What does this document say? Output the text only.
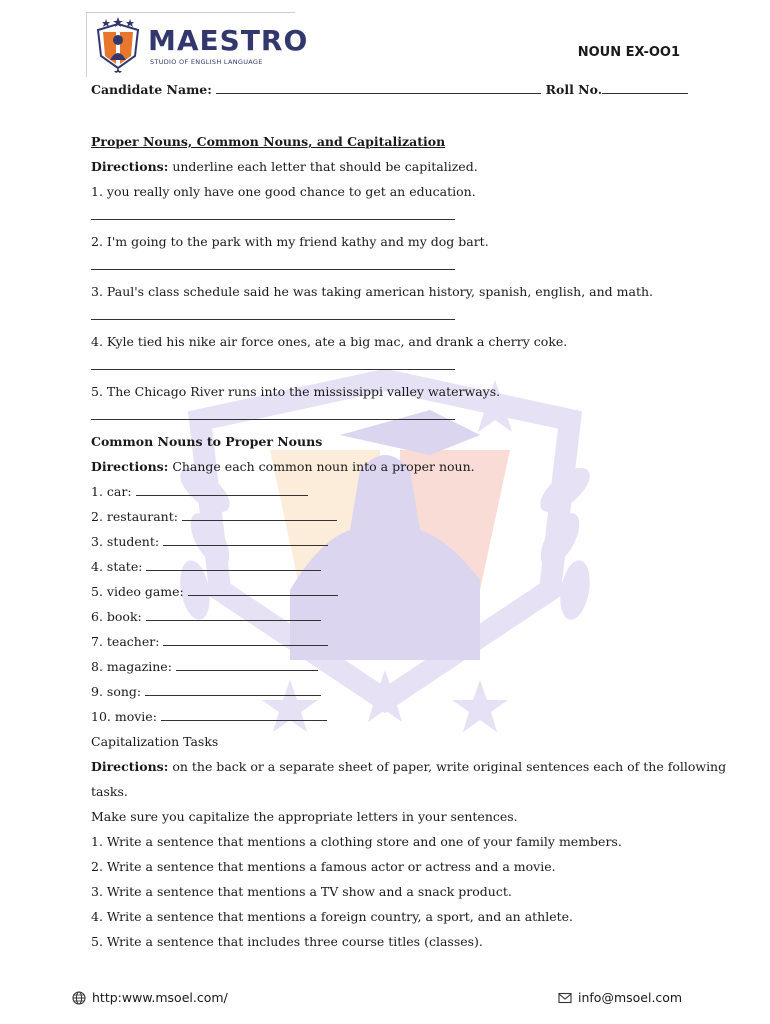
MAESTRO
STUDIO OF ENGLISH LANGUAGE
NOUN EX-OO1
Candidate Name:	Roll No.
Proper Nouns, Common Nouns, and Capitalization
Directions: underline each letter that should be capitalized.
1. you really only have one good chance to get an education.
2. I'm going to the park with my friend kathy and my dog bart.
3. Paul's class schedule said he was taking american history, spanish, english, and math.
4. Kyle tied his nike air force ones, ate a big mac, and drank a cherry coke.
5. The Chicago River runs into the mississippi valley waterways.
Common Nouns to Proper Nouns
Directions: Change each common noun into a proper noun.
1. car:
2. restaurant:
3. student:
4. state:
5. video game:
6. book:
7. teacher:
8. magazine:
9. song:
10. movie:
Capitalization Tasks
Directions: on the back or a separate sheet of paper, write original sentences each of the following
tasks.
Make sure you capitalize the appropriate letters in your sentences.
1. Write a sentence that mentions a clothing store and one of your family members.
2. Write a sentence that mentions a famous actor or actress and a movie.
3. Write a sentence that mentions a TV show and a snack product.
4. Write a sentence that mentions a foreign country, a sport, and an athlete.
5. Write a sentence that includes three course titles (classes).
http:www.msoel.com/	info@msoel.com
